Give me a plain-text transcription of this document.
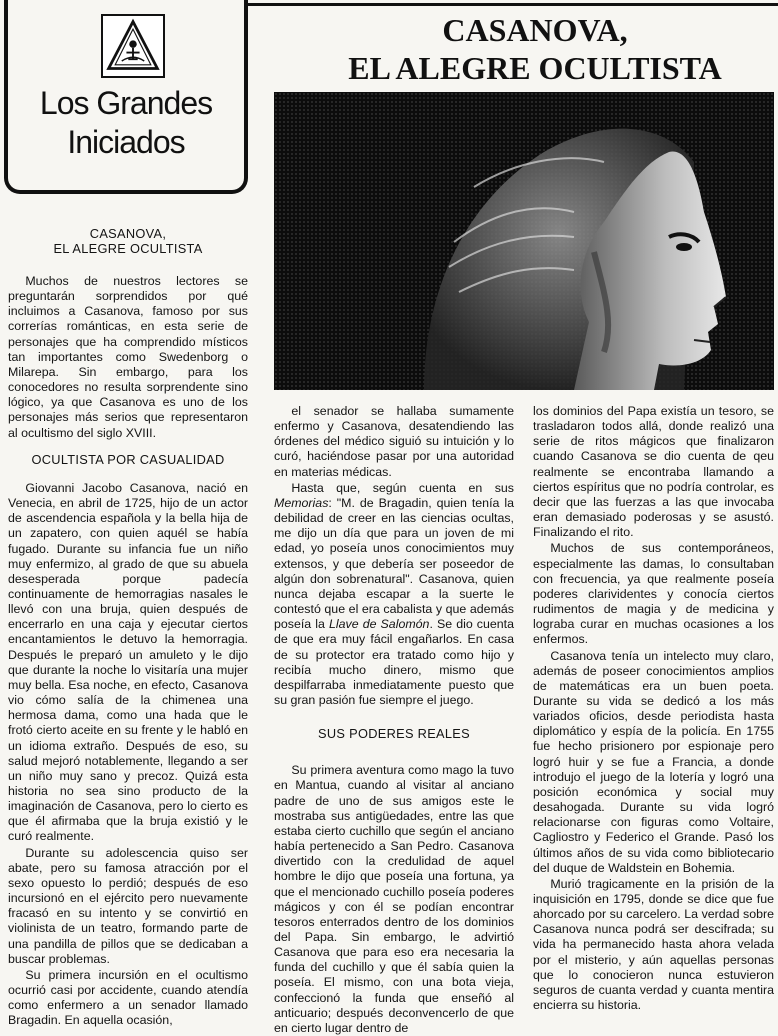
Los Grandes
Iniciados
CASANOVA,
EL ALEGRE OCULTISTA
CASANOVA,
EL ALEGRE OCULTISTA

Muchos de nuestros lectores se preguntarán sorprendidos por qué incluimos a Casanova, famoso por sus correrías románticas, en esta serie de personajes que ha comprendido místicos tan importantes como Swedenborg o Milarepa. Sin embargo, para los conocedores no resulta sorprendente sino lógico, ya que Casanova es uno de los personajes más serios que representaron al ocultismo del siglo XVIII.

OCULTISTA POR CASUALIDAD

Giovanni Jacobo Casanova, nació en Venecia, en abril de 1725, hijo de un actor de ascendencia española y la bella hija de un zapatero, con quien aquél se había fugado. Durante su infancia fue un niño muy enfermizo, al grado de que su abuela desesperada porque padecía continuamente de hemorragias nasales le llevó con una bruja, quien después de encerrarlo en una caja y ejecutar ciertos encantamientos le detuvo la hemorragia. Después le preparó un amuleto y le dijo que durante la noche lo visitaría una mujer muy bella. Esa noche, en efecto, Casanova vio cómo salía de la chimenea una hermosa dama, como una hada que le frotó cierto aceite en su frente y le habló en un idioma extraño. Después de eso, su salud mejoró notablemente, llegando a ser un niño muy sano y precoz. Quizá esta historia no sea sino producto de la imaginación de Casanova, pero lo cierto es que él afirmaba que la bruja existió y le curó realmente.

Durante su adolescencia quiso ser abate, pero su famosa atracción por el sexo opuesto lo perdió; después de eso incursionó en el ejército pero nuevamente fracasó en su intento y se convirtió en violinista de un teatro, formando parte de una pandilla de pillos que se dedicaban a buscar problemas.

Su primera incursión en el ocultismo ocurrió casi por accidente, cuando atendía como enfermero a un senador llamado Bragadin. En aquella ocasión,

el senador se hallaba sumamente enfermo y Casanova, desatendiendo las órdenes del médico siguió su intuición y lo curó, haciéndose pasar por una autoridad en materias médicas.

Hasta que, según cuenta en sus Memorias: "M. de Bragadin, quien tenía la debilidad de creer en las ciencias ocultas, me dijo un día que para un joven de mi edad, yo poseía unos conocimientos muy extensos, y que debería ser poseedor de algún don sobrenatural". Casanova, quien nunca dejaba escapar a la suerte le contestó que el era cabalista y que además poseía la Llave de Salomón. Se dio cuenta de que era muy fácil engañarlos. En casa de su protector era tratado como hijo y recibía mucho dinero, mismo que despilfarraba inmediatamente puesto que su gran pasión fue siempre el juego.

SUS PODERES REALES

Su primera aventura como mago la tuvo en Mantua, cuando al visitar al anciano padre de uno de sus amigos este le mostraba sus antigüedades, entre las que estaba cierto cuchillo que según el anciano había pertenecido a San Pedro. Casanova divertido con la credulidad de aquel hombre le dijo que poseía una fortuna, ya que el mencionado cuchillo poseía poderes mágicos y con él se podían encontrar tesoros enterrados dentro de los dominios del Papa. Sin embargo, le advirtió Casanova que para eso era necesaria la funda del cuchillo y que él sabía quien la poseía. El mismo, con una bota vieja, confeccionó la funda que enseñó al anticuario; después deconvencerlo de que en cierto lugar dentro de

los dominios del Papa existía un tesoro, se trasladaron todos allá, donde realizó una serie de ritos mágicos que finalizaron cuando Casanova se dio cuenta de qeu realmente se encontraba llamando a ciertos espíritus que no podría controlar, es decir que las fuerzas a las que invocaba eran demasiado poderosas y se asustó. Finalizando el rito.

Muchos de sus contemporáneos, especialmente las damas, lo consultaban con frecuencia, ya que realmente poseía poderes clarividentes y conocía ciertos rudimentos de magia y de medicina y lograba curar en muchas ocasiones a los enfermos.

Casanova tenía un intelecto muy claro, además de poseer conocimientos amplios de matemáticas era un buen poeta. Durante su vida se dedicó a los más variados oficios, desde periodista hasta diplomático y espía de la policía. En 1755 fue hecho prisionero por espionaje pero logró huir y se fue a Francia, a donde introdujo el juego de la lotería y logró una posición económica y social muy desahogada. Durante su vida logró relacionarse con figuras como Voltaire, Cagliostro y Federico el Grande. Pasó los últimos años de su vida como bibliotecario del duque de Waldstein en Bohemia.

Murió tragicamente en la prisión de la inquisición en 1795, donde se dice que fue ahorcado por su carcelero. La verdad sobre Casanova nunca podrá ser descifrada; su vida ha permanecido hasta ahora velada por el misterio, y aún aquellas personas que lo conocieron nunca estuvieron seguros de cuanta verdad y cuanta mentira encierra su historia.
